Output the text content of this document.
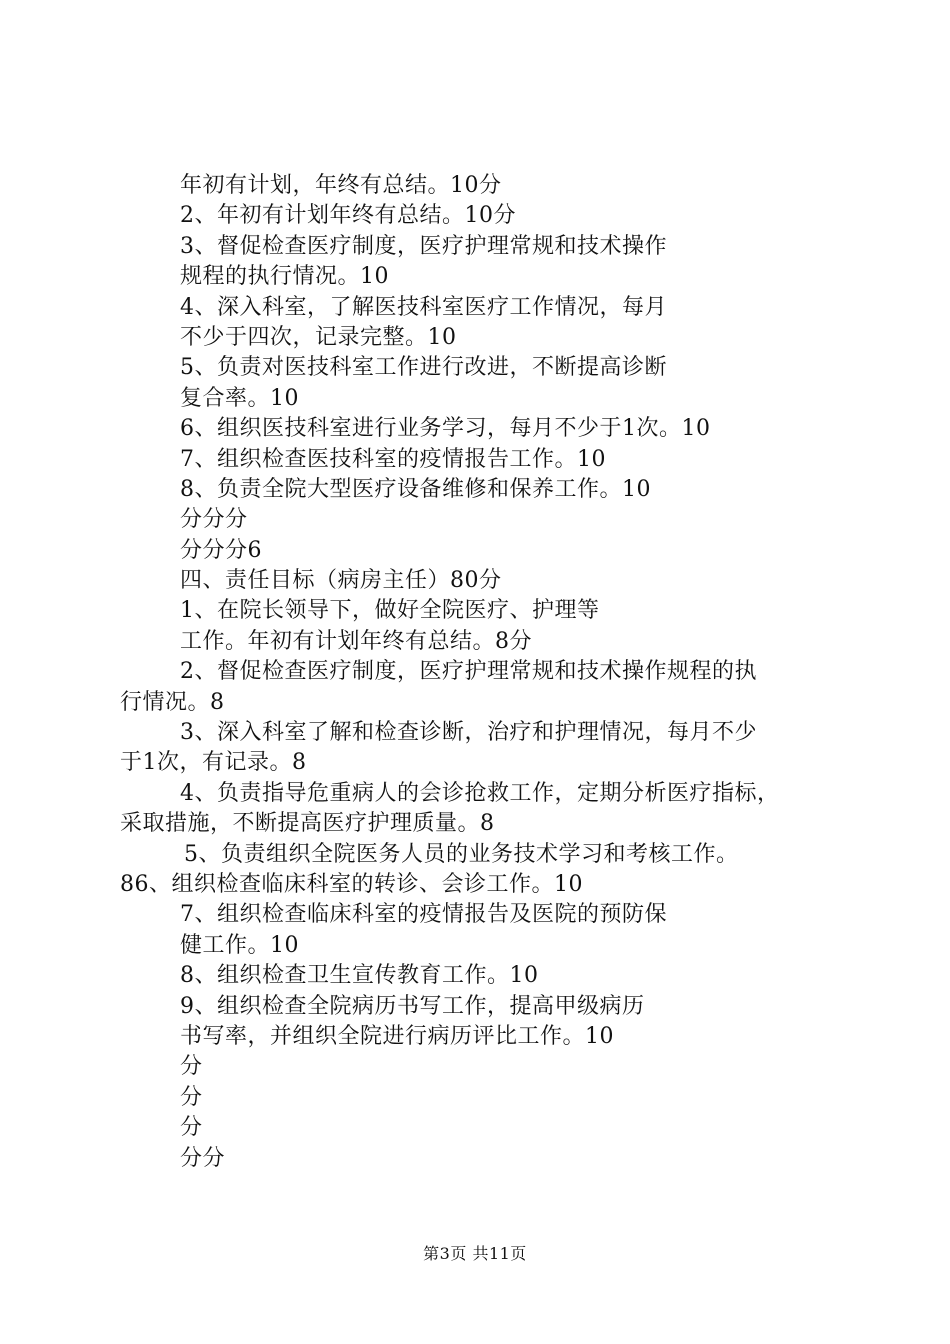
年初有计划，年终有总结。10分
2、年初有计划年终有总结。10分
3、督促检查医疗制度，医疗护理常规和技术操作
规程的执行情况。10
4、深入科室，了解医技科室医疗工作情况，每月
不少于四次，记录完整。10
5、负责对医技科室工作进行改进，不断提高诊断
复合率。10
6、组织医技科室进行业务学习，每月不少于1次。10
7、组织检查医技科室的疫情报告工作。10
8、负责全院大型医疗设备维修和保养工作。10
分分分
分分分6
四、责任目标（病房主任）80分
1、在院长领导下，做好全院医疗、护理等
工作。年初有计划年终有总结。8分
2、督促检查医疗制度，医疗护理常规和技术操作规程的执
行情况。8
3、深入科室了解和检查诊断，治疗和护理情况，每月不少
于1次，有记录。8
4、负责指导危重病人的会诊抢救工作，定期分析医疗指标，
采取措施，不断提高医疗护理质量。8
5、负责组织全院医务人员的业务技术学习和考核工作。
86、组织检查临床科室的转诊、会诊工作。10
7、组织检查临床科室的疫情报告及医院的预防保
健工作。10
8、组织检查卫生宣传教育工作。10
9、组织检查全院病历书写工作，提高甲级病历
书写率，并组织全院进行病历评比工作。10
分
分
分
分分
第3页 共11页
